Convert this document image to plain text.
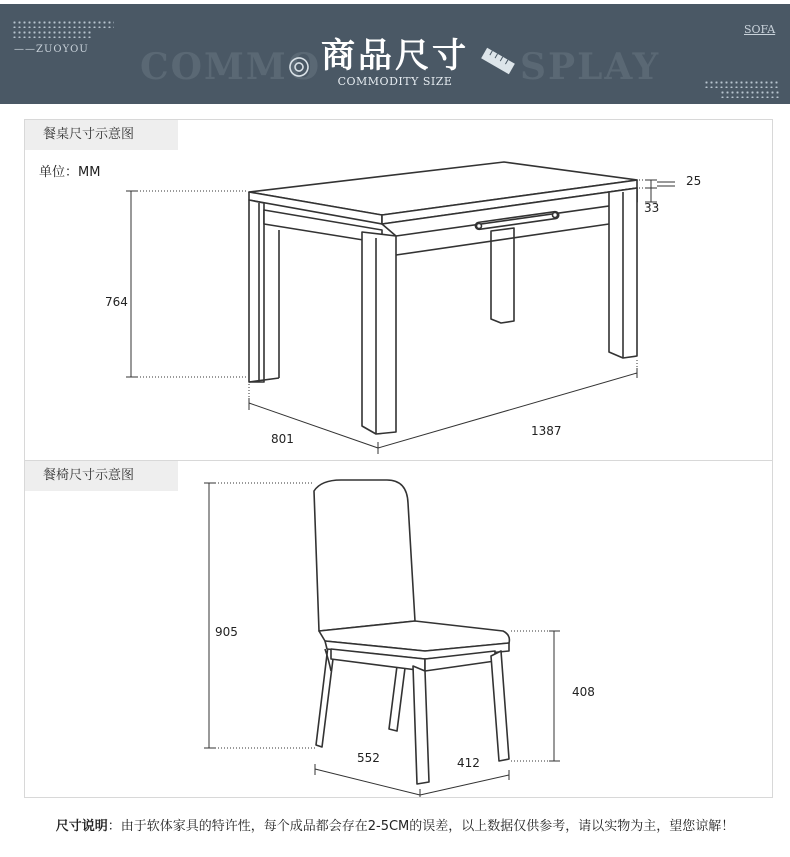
COMMO	SPLAY
——ZUOYOU
SOFA
商品尺寸
COMMODITY SIZE
餐桌尺寸示意图
单位：MM
764
801
1387
25
33
餐椅尺寸示意图
905
408
552	412
尺寸说明：由于软体家具的特许性，每个成品都会存在2-5CM的误差，以上数据仅供参考，请以实物为主，望您谅解！
